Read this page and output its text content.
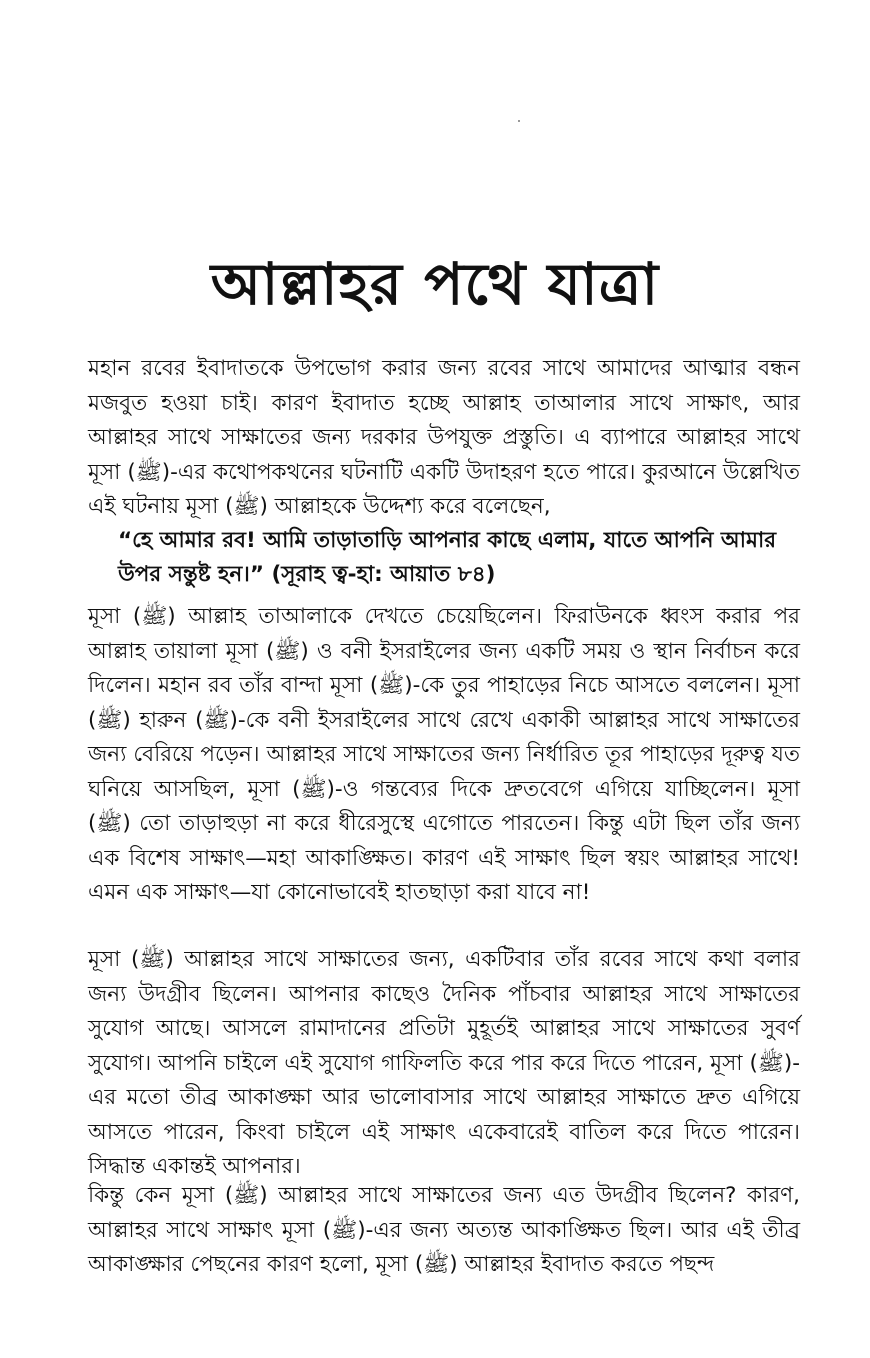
আল্লাহর পথে যাত্রা

মহান রবের ইবাদাতকে উপভোগ করার জন্য রবের সাথে আমাদের আত্মার বন্ধন মজবুত হওয়া চাই। কারণ ইবাদাত হচ্ছে আল্লাহ তাআলার সাথে সাক্ষাৎ, আর আল্লাহর সাথে সাক্ষাতের জন্য দরকার উপযুক্ত প্রস্তুতি। এ ব্যাপারে আল্লাহর সাথে মূসা (ﷺ)-এর কথোপকথনের ঘটনাটি একটি উদাহরণ হতে পারে। কুরআনে উল্লেখিত এই ঘটনায় মূসা (ﷺ) আল্লাহকে উদ্দেশ্য করে বলেছেন,

“হে আমার রব! আমি তাড়াতাড়ি আপনার কাছে এলাম, যাতে আপনি আমার উপর সন্তুষ্ট হন।” (সূরাহ ত্ব-হা: আয়াত ৮৪)

মূসা (ﷺ) আল্লাহ তাআলাকে দেখতে চেয়েছিলেন। ফিরাউনকে ধ্বংস করার পর আল্লাহ তায়ালা মূসা (ﷺ) ও বনী ইসরাইলের জন্য একটি সময় ও স্থান নির্বাচন করে দিলেন। মহান রব তাঁর বান্দা মূসা (ﷺ)-কে তুর পাহাড়ের নিচে আসতে বললেন। মূসা (ﷺ) হারুন (ﷺ)-কে বনী ইসরাইলের সাথে রেখে একাকী আল্লাহর সাথে সাক্ষাতের জন্য বেরিয়ে পড়েন। আল্লাহর সাথে সাক্ষাতের জন্য নির্ধারিত তূর পাহাড়ের দূরুত্ব যত ঘনিয়ে আসছিল, মূসা (ﷺ)-ও গন্তব্যের দিকে দ্রুতবেগে এগিয়ে যাচ্ছিলেন। মূসা (ﷺ) তো তাড়াহুড়া না করে ধীরেসুস্থে এগোতে পারতেন। কিন্তু এটা ছিল তাঁর জন্য এক বিশেষ সাক্ষাৎ—মহা আকাঙ্ক্ষিত। কারণ এই সাক্ষাৎ ছিল স্বয়ং আল্লাহর সাথে! এমন এক সাক্ষাৎ—যা কোনোভাবেই হাতছাড়া করা যাবে না!

মূসা (ﷺ) আল্লাহর সাথে সাক্ষাতের জন্য, একটিবার তাঁর রবের সাথে কথা বলার জন্য উদগ্রীব ছিলেন। আপনার কাছেও দৈনিক পাঁচবার আল্লাহর সাথে সাক্ষাতের সুযোগ আছে। আসলে রামাদানের প্রতিটা মুহূর্তই আল্লাহর সাথে সাক্ষাতের সুবর্ণ সুযোগ। আপনি চাইলে এই সুযোগ গাফিলতি করে পার করে দিতে পারেন, মূসা (ﷺ)-এর মতো তীব্র আকাঙ্ক্ষা আর ভালোবাসার সাথে আল্লাহর সাক্ষাতে দ্রুত এগিয়ে আসতে পারেন, কিংবা চাইলে এই সাক্ষাৎ একেবারেই বাতিল করে দিতে পারেন। সিদ্ধান্ত একান্তই আপনার।

কিন্তু কেন মূসা (ﷺ) আল্লাহর সাথে সাক্ষাতের জন্য এত উদগ্রীব ছিলেন? কারণ, আল্লাহর সাথে সাক্ষাৎ মূসা (ﷺ)-এর জন্য অত্যন্ত আকাঙ্ক্ষিত ছিল। আর এই তীব্র আকাঙ্ক্ষার পেছনের কারণ হলো, মূসা (ﷺ) আল্লাহর ইবাদাত করতে পছন্দ
